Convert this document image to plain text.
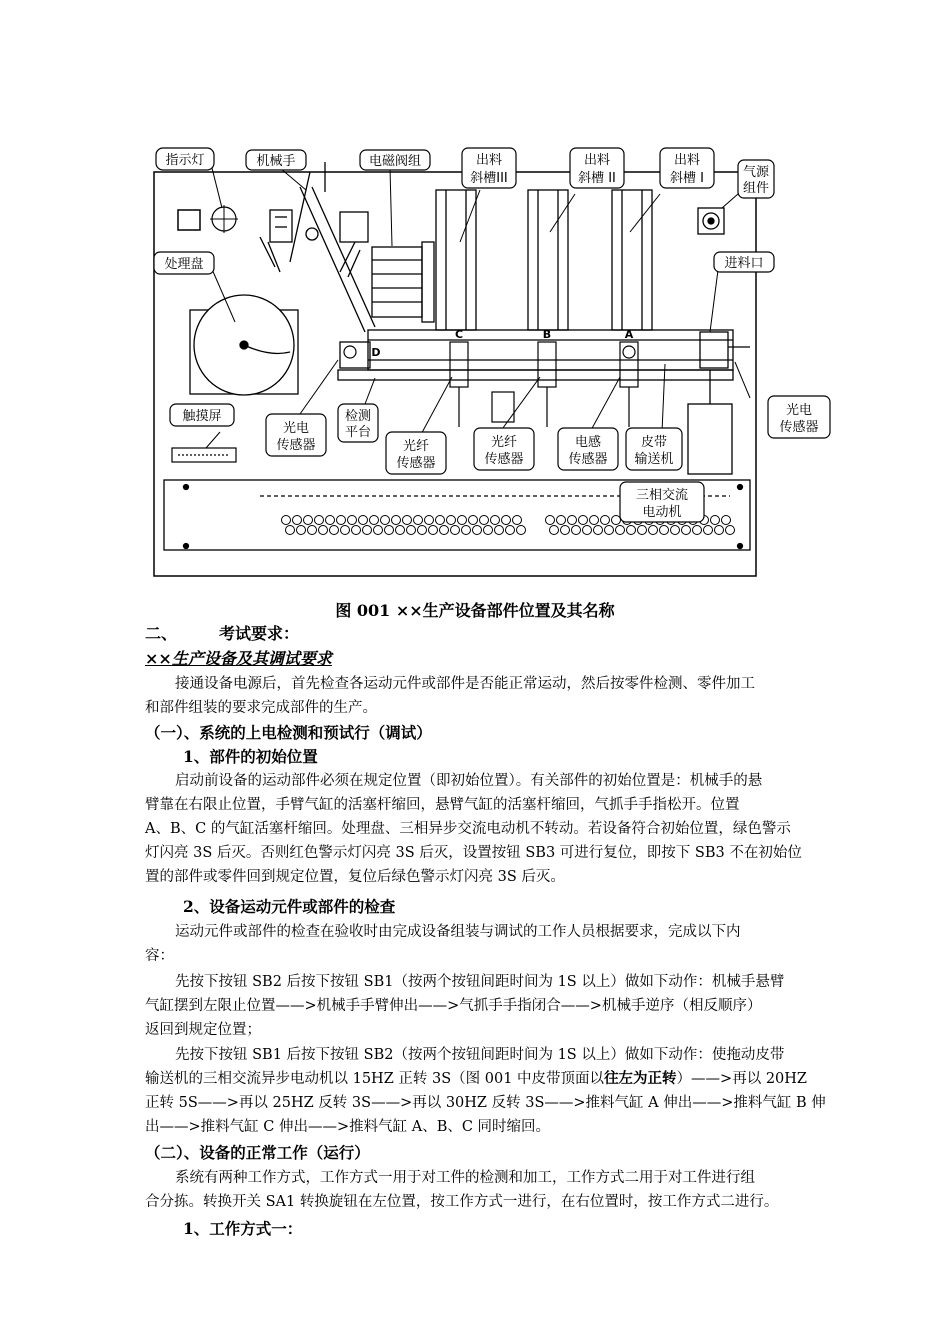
指示灯	机械手	电磁阀组	出料
斜槽III
出料
斜槽 II
出料
斜槽 I	气源
组件
处理盘	进料口
触摸屏
光电
传感器
检测
平台
光纤
传感器
光纤
传感器
电感
传感器
皮带
输送机
光电
传感器
三相交流
电动机
C	B	A
D
图 001 ××生产设备部件位置及其名称
二、	考试要求：
××生产设备及其调试要求
接通设备电源后，首先检查各运动元件或部件是否能正常运动，然后按零件检测、零件加工
和部件组装的要求完成部件的生产。
（一）、系统的上电检测和预试行（调试）
1、部件的初始位置
启动前设备的运动部件必须在规定位置（即初始位置）。有关部件的初始位置是：机械手的悬
臂靠在右限止位置，手臂气缸的活塞杆缩回，悬臂气缸的活塞杆缩回，气抓手手指松开。位置
A、B、C 的气缸活塞杆缩回。处理盘、三相异步交流电动机不转动。若设备符合初始位置，绿色警示
灯闪亮 3S 后灭。否则红色警示灯闪亮 3S 后灭，设置按钮 SB3 可进行复位，即按下 SB3 不在初始位
置的部件或零件回到规定位置，复位后绿色警示灯闪亮 3S 后灭。
2、设备运动元件或部件的检查
运动元件或部件的检查在验收时由完成设备组装与调试的工作人员根据要求，完成以下内
容：
先按下按钮 SB2 后按下按钮 SB1（按两个按钮间距时间为 1S 以上）做如下动作：机械手悬臂
气缸摆到左限止位置——>机械手手臂伸出——>气抓手手指闭合——>机械手逆序（相反顺序）
返回到规定位置；
先按下按钮 SB1 后按下按钮 SB2（按两个按钮间距时间为 1S 以上）做如下动作：使拖动皮带
输送机的三相交流异步电动机以 15HZ 正转 3S（图 001 中皮带顶面以往左为正转）——>再以 20HZ
正转 5S——>再以 25HZ 反转 3S——>再以 30HZ 反转 3S——>推料气缸 A 伸出——>推料气缸 B 伸
出——>推料气缸 C 伸出——>推料气缸 A、B、C 同时缩回。
（二）、设备的正常工作（运行）
系统有两种工作方式，工作方式一用于对工件的检测和加工，工作方式二用于对工件进行组
合分拣。转换开关 SA1 转换旋钮在左位置，按工作方式一进行，在右位置时，按工作方式二进行。
1、工作方式一：
